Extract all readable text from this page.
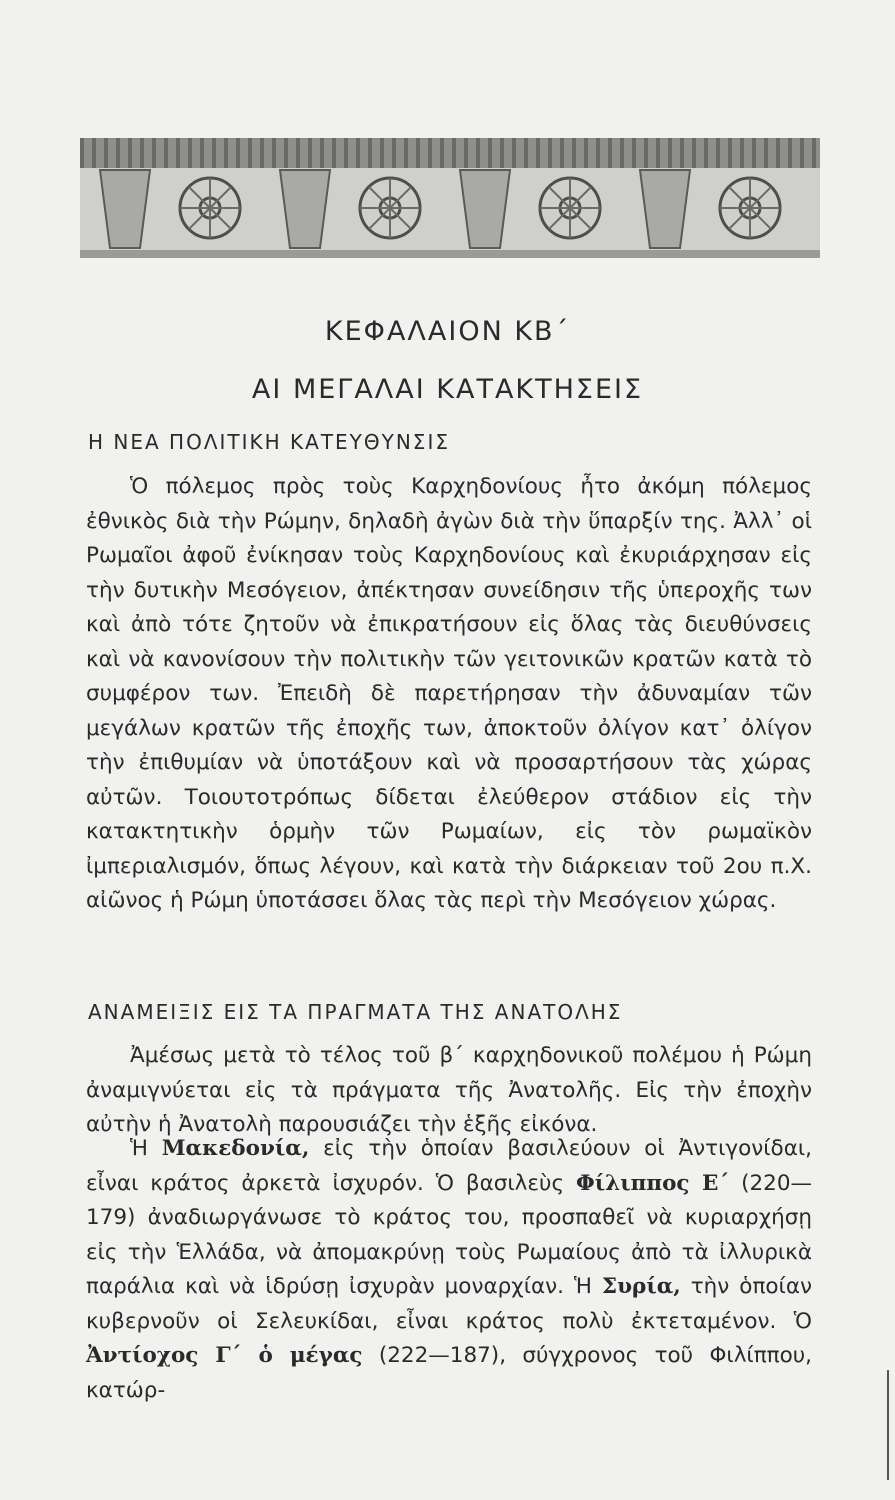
ΚΕΦΑΛΑΙΟΝ ΚΒ΄
ΑΙ ΜΕΓΑΛΑΙ ΚΑΤΑΚΤΗΣΕΙΣ
Η ΝΕΑ ΠΟΛΙΤΙΚΗ ΚΑΤΕΥΘΥΝΣΙΣ

Ὁ πόλεμος πρὸς τοὺς Καρχηδονίους ἦτο ἀκόμη πόλεμος ἐθνικὸς διὰ τὴν Ρώμην, δηλαδὴ ἀγὼν διὰ τὴν ὕπαρξίν της. Ἀλλ᾽ οἱ Ρωμαῖοι ἀφοῦ ἐνίκησαν τοὺς Καρχηδονίους καὶ ἐκυριάρχησαν εἰς τὴν δυτικὴν Μεσόγειον, ἀπέκτησαν συνείδησιν τῆς ὑπεροχῆς των καὶ ἀπὸ τότε ζητοῦν νὰ ἐπικρατήσουν εἰς ὅλας τὰς διευθύνσεις καὶ νὰ κανονίσουν τὴν πολιτικὴν τῶν γειτονικῶν κρατῶν κατὰ τὸ συμφέρον των. Ἐπειδὴ δὲ παρετήρησαν τὴν ἀδυναμίαν τῶν μεγάλων κρατῶν τῆς ἐποχῆς των, ἀποκτοῦν ὀλίγον κατ᾽ ὀλίγον τὴν ἐπιθυμίαν νὰ ὑποτάξουν καὶ νὰ προσαρτήσουν τὰς χώρας αὐτῶν. Τοιουτοτρόπως δίδεται ἐλεύθερον στάδιον εἰς τὴν κατακτητικὴν ὁρμὴν τῶν Ρωμαίων, εἰς τὸν ρωμαϊκὸν ἰμπεριαλισμόν, ὅπως λέγουν, καὶ κατὰ τὴν διάρκειαν τοῦ 2ου π.Χ. αἰῶνος ἡ Ρώμη ὑποτάσσει ὅλας τὰς περὶ τὴν Μεσόγειον χώρας.

ΑΝΑΜΕΙΞΙΣ ΕΙΣ ΤΑ ΠΡΑΓΜΑΤΑ ΤΗΣ ΑΝΑΤΟΛΗΣ

Ἀμέσως μετὰ τὸ τέλος τοῦ β΄ καρχηδονικοῦ πολέμου ἡ Ρώμη ἀναμιγνύεται εἰς τὰ πράγματα τῆς Ἀνατολῆς. Εἰς τὴν ἐποχὴν αὐτὴν ἡ Ἀνατολὴ παρουσιάζει τὴν ἑξῆς εἰκόνα.

Ἡ Μακεδονία, εἰς τὴν ὁποίαν βασιλεύουν οἱ Ἀντιγονίδαι, εἶναι κράτος ἀρκετὰ ἰσχυρόν. Ὁ βασιλεὺς Φίλιππος Ε΄ (220—179) ἀναδιωργάνωσε τὸ κράτος του, προσπαθεῖ νὰ κυριαρχήσῃ εἰς τὴν Ἑλλάδα, νὰ ἀπομακρύνῃ τοὺς Ρωμαίους ἀπὸ τὰ ἰλλυρικὰ παράλια καὶ νὰ ἱδρύσῃ ἰσχυρὰν μοναρχίαν. Ἡ Συρία, τὴν ὁποίαν κυβερνοῦν οἱ Σελευκίδαι, εἶναι κράτος πολὺ ἐκτεταμένον. Ὁ Ἀντίοχος Γ΄ ὁ μέγας (222—187), σύγχρονος τοῦ Φιλίππου, κατώρ-
